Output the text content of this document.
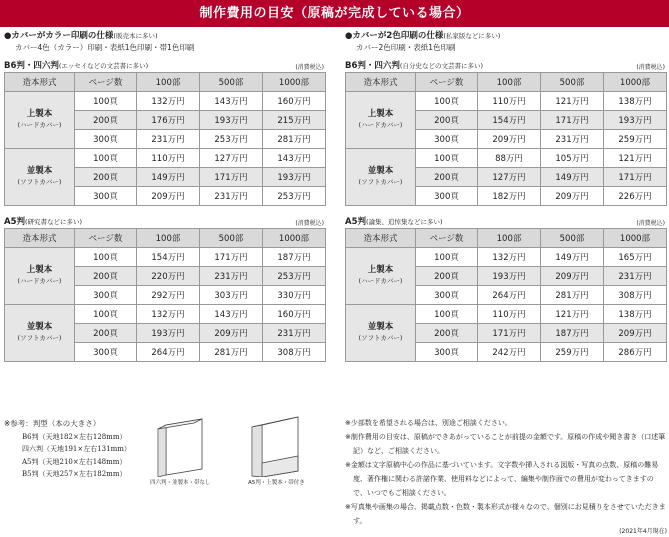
制作費用の目安（原稿が完成している場合）
●カバーがカラー印刷の仕様(販売本に多い)
カバー4色（カラー）印刷・表紙1色印刷・帯1色印刷
B6判・四六判(エッセイなどの文芸書に多い)	(消費税込)
造本形式	ページ数	100部	500部	1000部

上製本
(ハードカバー)	100頁	132万円	143万円	160万円
	200頁	176万円	193万円	215万円
	300頁	231万円	253万円	281万円

並製本
(ソフトカバー)	100頁	110万円	127万円	143万円
	200頁	149万円	171万円	193万円
	300頁	209万円	231万円	253万円
A5判(研究書などに多い)	(消費税込)
造本形式	ページ数	100部	500部	1000部

上製本
(ハードカバー)	100頁	154万円	171万円	187万円
	200頁	220万円	231万円	253万円
	300頁	292万円	303万円	330万円

並製本
(ソフトカバー)	100頁	132万円	143万円	160万円
	200頁	193万円	209万円	231万円
	300頁	264万円	281万円	308万円
●カバーが2色印刷の仕様(私家版などに多い)
カバー2色印刷・表紙1色印刷
B6判・四六判(自分史などの文芸書に多い)	(消費税込)
造本形式	ページ数	100部	500部	1000部

上製本
(ハードカバー)	100頁	110万円	121万円	138万円
	200頁	154万円	171万円	193万円
	300頁	209万円	231万円	259万円

並製本
(ソフトカバー)	100頁	88万円	105万円	121万円
	200頁	127万円	149万円	171万円
	300頁	182万円	209万円	226万円
A5判(論集、追悼集などに多い)	(消費税込)
造本形式	ページ数	100部	500部	1000部

上製本
(ハードカバー)	100頁	132万円	149万円	165万円
	200頁	193万円	209万円	231万円
	300頁	264万円	281万円	308万円

並製本
(ソフトカバー)	100頁	110万円	121万円	138万円
	200頁	171万円	187万円	209万円
	300頁	242万円	259万円	286万円
※参考：判型（本の大きさ）
B6判（天地182×左右128mm）
四六判（天地191×左右131mm）
A5判（天地210×左右148mm）
B5判（天地257×左右182mm）
四六判・並製本・帯なし	A5判・上製本・帯付き

※少部数を希望される場合は、別途ご相談ください。

※制作費用の目安は、原稿ができあがっていることが前提の金額です。原稿の作成や聞き書き（口述筆記）など、ご相談ください。

※金額は文字原稿中心の作品に基づいています。文字数や挿入される図版・写真の点数、原稿の難易度、著作権に関わる許諾作業、使用料などによって、編集や制作面での費用が変わってきますので、いつでもご相談ください。

※写真集や画集の場合、掲載点数・色数・製本形式が様々なので、個別にお見積りをさせていただきます。

(2021年4月現在)
